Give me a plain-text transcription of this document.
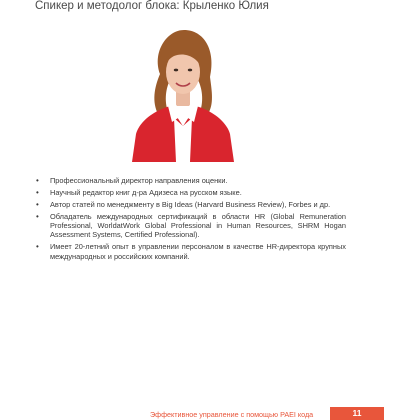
Спикер и методолог блока: Крыленко Юлия
• Профессиональный директор направления оценки.
• Научный редактор книг д-ра Адизеса на русском языке.
• Автор статей по менеджменту в Big Ideas (Harvard Business Review), Forbes и др.
• Обладатель международных сертификаций в области HR (Global Remuneration Professional, WorldatWork Global Professional in Human Resources, SHRM Hogan Assessment Systems, Certified Professional).
• Имеет 20-летний опыт в управлении персоналом в качестве HR-директора крупных международных и российских компаний.
Эффективное управление с помощью PAEI кода	11
